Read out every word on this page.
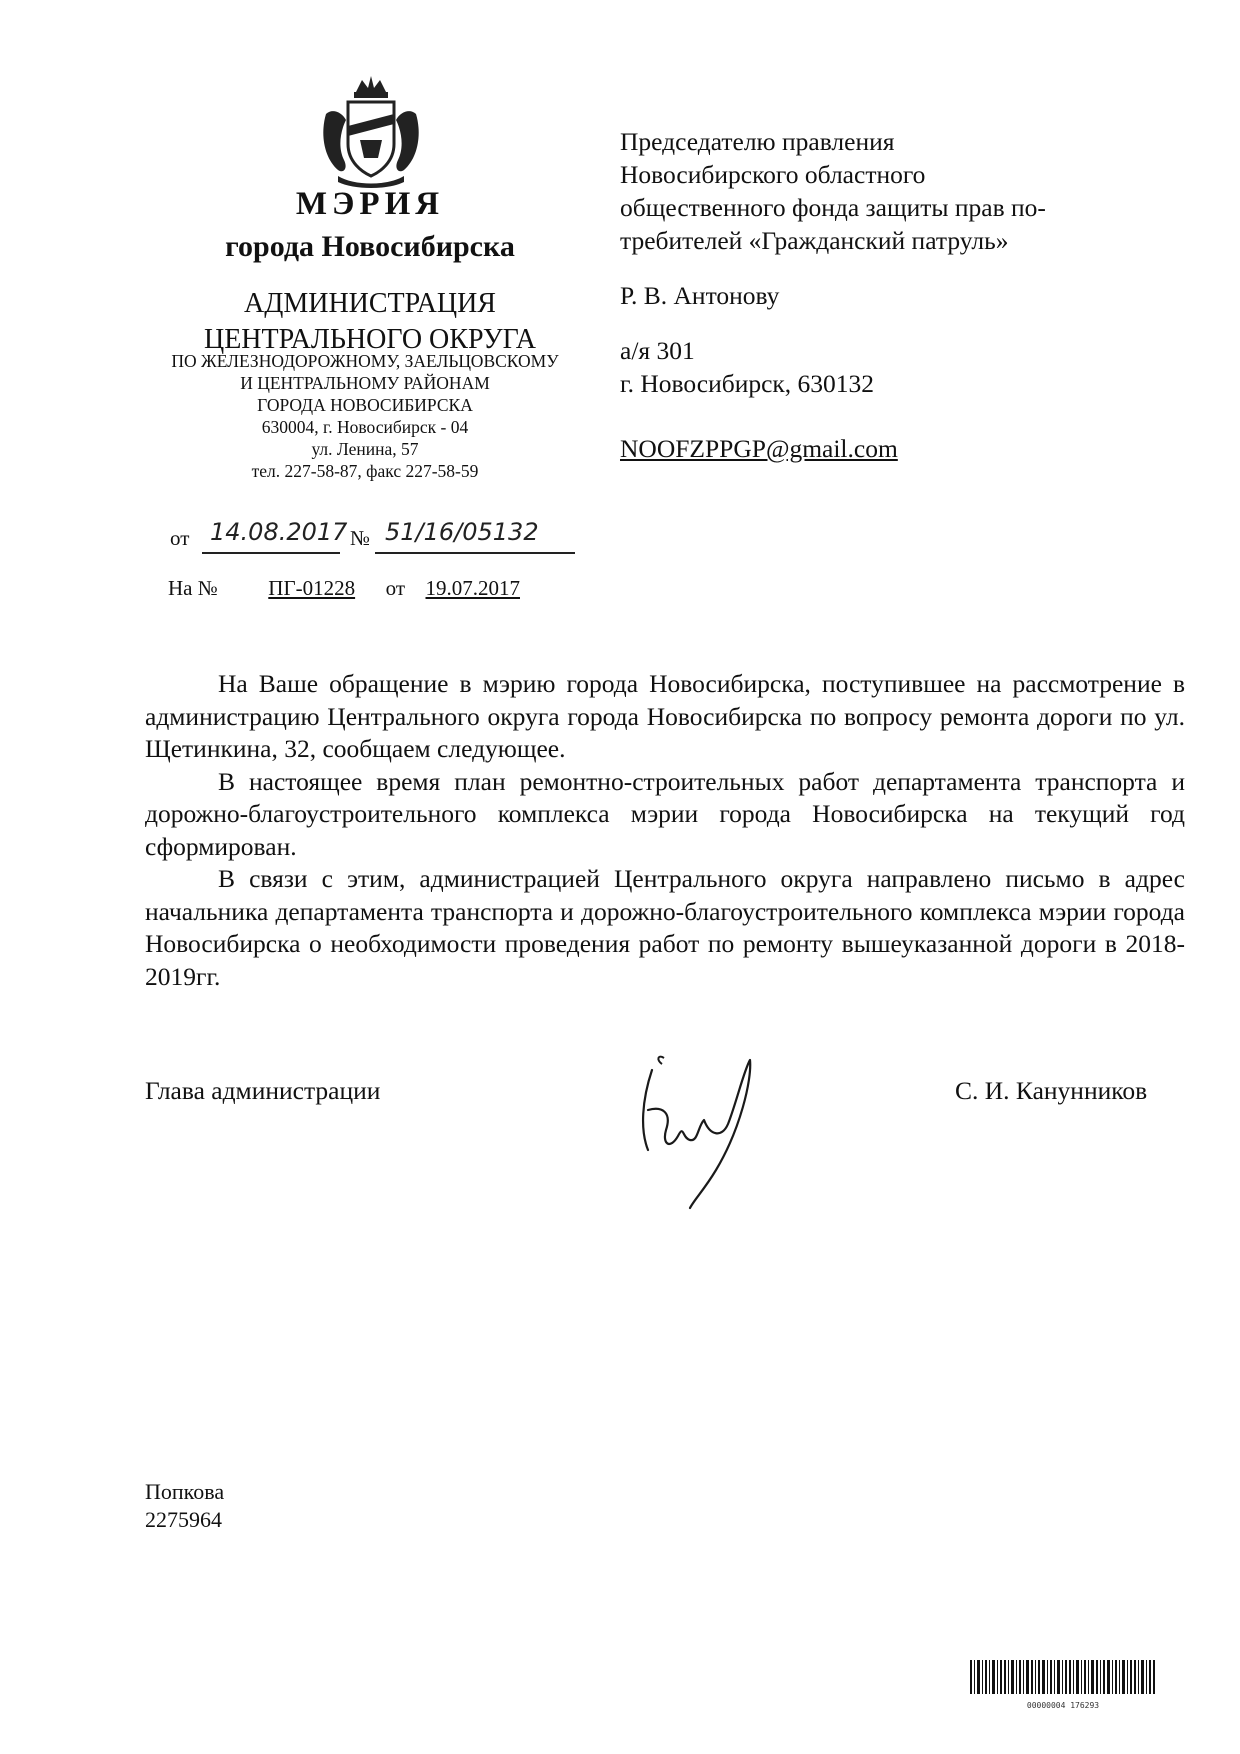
МЭРИЯ
города Новосибирска
АДМИНИСТРАЦИЯ
ЦЕНТРАЛЬНОГО ОКРУГА
ПО ЖЕЛЕЗНОДОРОЖНОМУ, ЗАЕЛЬЦОВСКОМУ
И ЦЕНТРАЛЬНОМУ РАЙОНАМ
ГОРОДА НОВОСИБИРСКА
630004, г. Новосибирск - 04
ул. Ленина, 57
тел. 227-58-87, факс 227-58-59
от 14.08.2017 № 51/16/05132
На № ПГ-01228 от 19.07.2017
Председателю правления
Новосибирского областного
общественного фонда защиты прав по-
требителей «Гражданский патруль»
Р. В. Антонову
а/я 301
г. Новосибирск, 630132
NOOFZPPGP@gmail.com

На Ваше обращение в мэрию города Новосибирска, поступившее на рассмотрение в администрацию Центрального округа города Новосибирска по вопросу ремонта дороги по ул. Щетинкина, 32, сообщаем следующее.

В настоящее время план ремонтно-строительных работ департамента транспорта и дорожно-благоустроительного комплекса мэрии города Новосибирска на текущий год сформирован.

В связи с этим, администрацией Центрального округа направлено письмо в адрес начальника департамента транспорта и дорожно-благоустроительного комплекса мэрии города Новосибирска о необходимости проведения работ по ремонту вышеуказанной дороги в 2018-2019гг.

Глава администрации	С. И. Канунников
Попкова
2275964
00000004 176293
